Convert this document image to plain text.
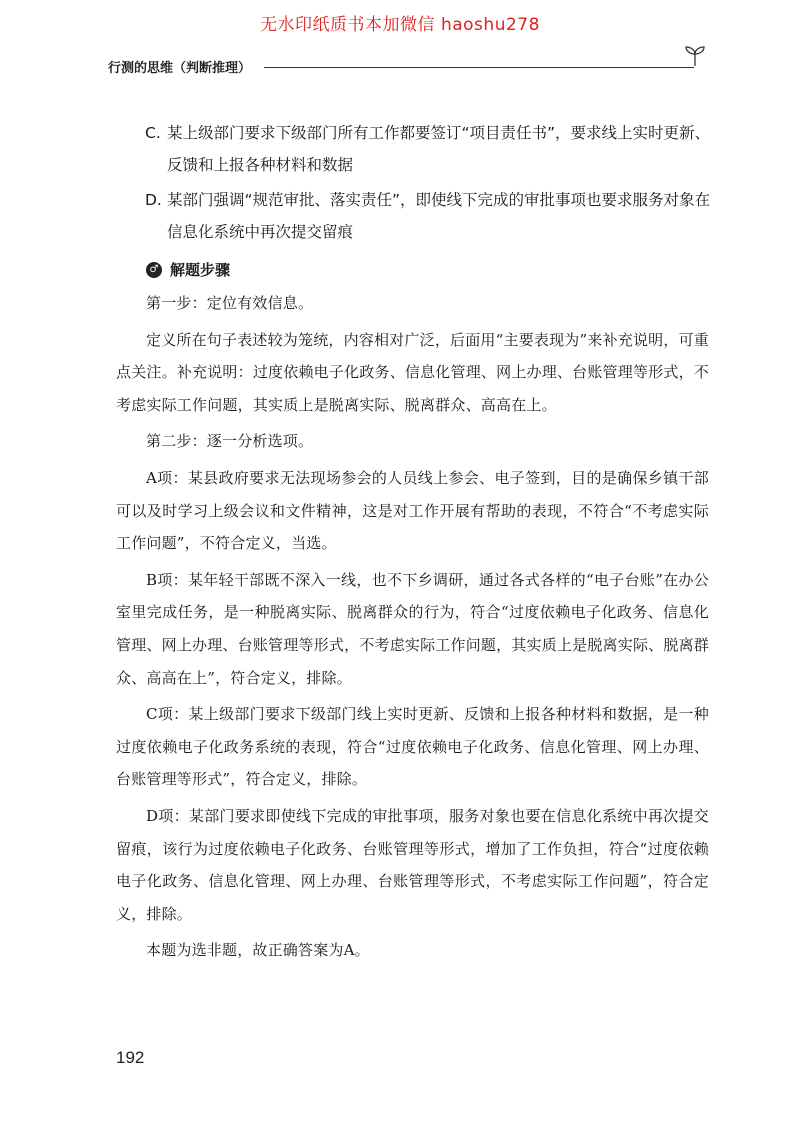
无水印纸质书本加微信 haoshu278
行测的思维（判断推理）
C. 某上级部门要求下级部门所有工作都要签订“项目责任书”，要求线上实时更新、反馈和上报各种材料和数据
D. 某部门强调“规范审批、落实责任”，即使线下完成的审批事项也要求服务对象在信息化系统中再次提交留痕
♂ 解题步骤

第一步：定位有效信息。

定义所在句子表述较为笼统，内容相对广泛，后面用“主要表现为”来补充说明，可重点关注。补充说明：过度依赖电子化政务、信息化管理、网上办理、台账管理等形式，不考虑实际工作问题，其实质上是脱离实际、脱离群众、高高在上。

第二步：逐一分析选项。

A项：某县政府要求无法现场参会的人员线上参会、电子签到，目的是确保乡镇干部可以及时学习上级会议和文件精神，这是对工作开展有帮助的表现，不符合“不考虑实际工作问题”，不符合定义，当选。

B项：某年轻干部既不深入一线，也不下乡调研，通过各式各样的“电子台账”在办公室里完成任务，是一种脱离实际、脱离群众的行为，符合“过度依赖电子化政务、信息化管理、网上办理、台账管理等形式，不考虑实际工作问题，其实质上是脱离实际、脱离群众、高高在上”，符合定义，排除。

C项：某上级部门要求下级部门线上实时更新、反馈和上报各种材料和数据，是一种过度依赖电子化政务系统的表现，符合“过度依赖电子化政务、信息化管理、网上办理、台账管理等形式”，符合定义，排除。

D项：某部门要求即使线下完成的审批事项，服务对象也要在信息化系统中再次提交留痕，该行为过度依赖电子化政务、台账管理等形式，增加了工作负担，符合“过度依赖电子化政务、信息化管理、网上办理、台账管理等形式，不考虑实际工作问题”，符合定义，排除。

本题为选非题，故正确答案为A。

192
